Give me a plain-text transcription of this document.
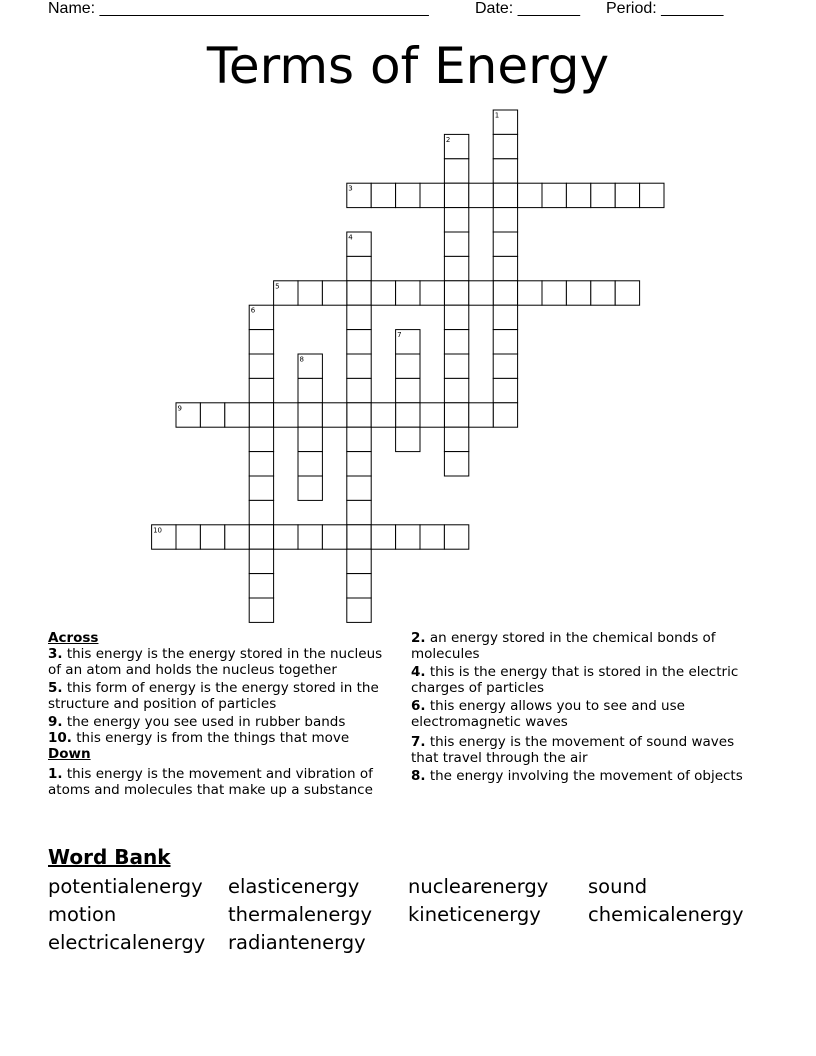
Name: _____________________________________	Date: _______ Period: _______
Terms of Energy
1
2
3
4
5
6
7
8
9
10
Across
3. this energy is the energy stored in the nucleus of an atom and holds the nucleus together
5. this form of energy is the energy stored in the structure and position of particles
9. the energy you see used in rubber bands
10. this energy is from the things that move
Down
1. this energy is the movement and vibration of atoms and molecules that make up a substance
2. an energy stored in the chemical bonds of molecules
4. this is the energy that is stored in the electric charges of particles
6. this energy allows you to see and use electromagnetic waves
7. this energy is the movement of sound waves that travel through the air
8. the energy involving the movement of objects
Word Bank
potentialenergy elasticenergy nuclearenergy sound
motion	thermalenergy kineticenergy chemicalenergy
electricalenergy radiantenergy
